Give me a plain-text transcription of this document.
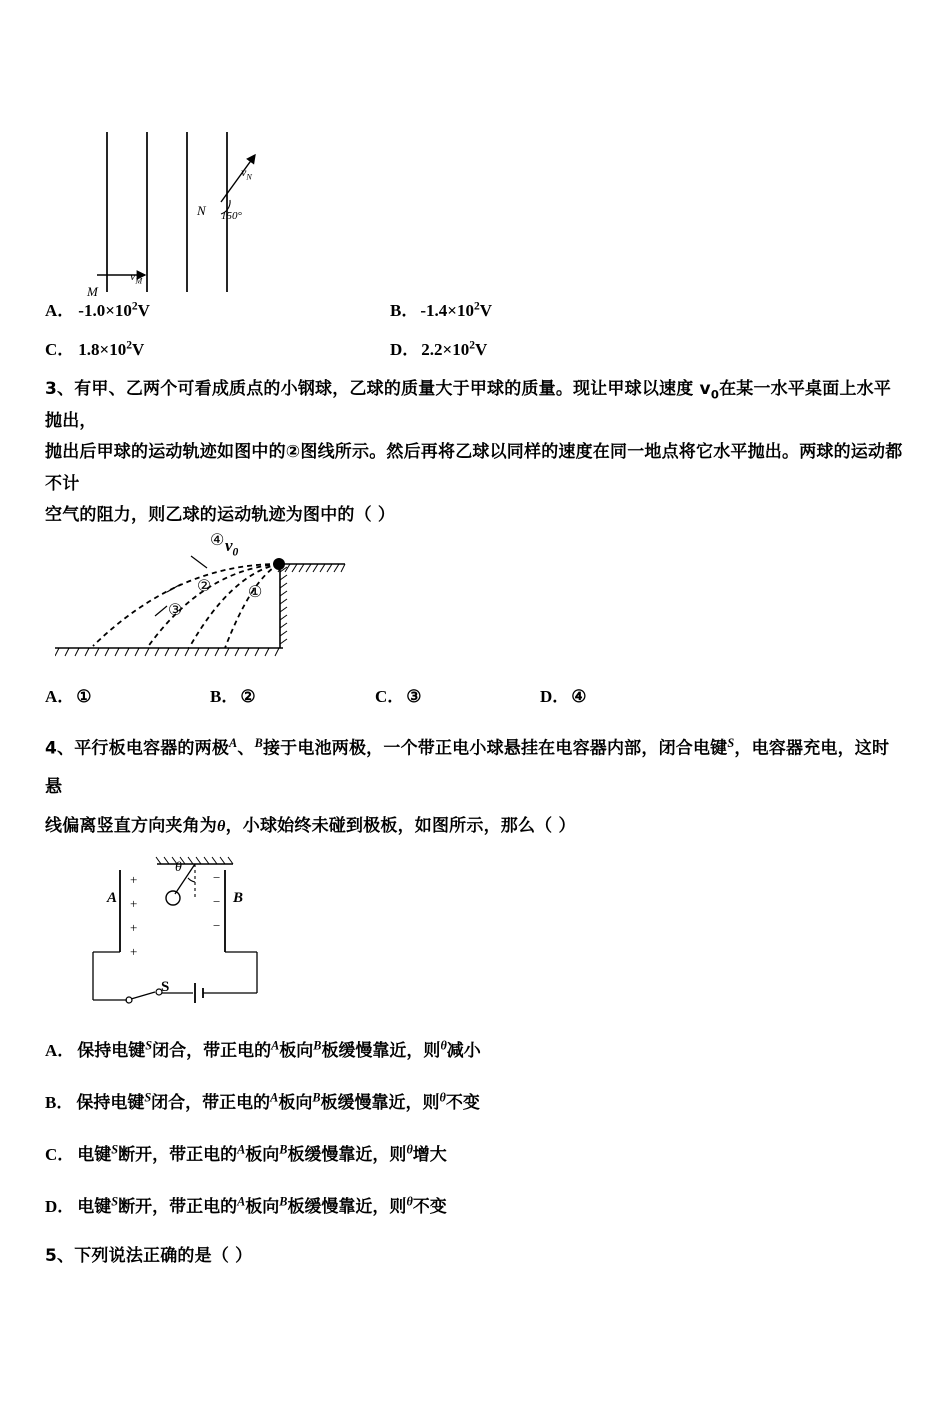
M
$v_M$
N
$v_N$
150°
A． $-1.0\times 10^2V$	B． $-1.4\times 10^2V$
C． $1.8\times 10^2V$	D． $2.2\times 10^2V$
3、有甲、乙两个可看成质点的小钢球，乙球的质量大于甲球的质量。现让甲球以速度 $v_0$在某一水平桌面上水平抛出，
抛出后甲球的运动轨迹如图中的②图线所示。然后再将乙球以同样的速度在同一地点将它水平抛出。两球的运动都不计
空气的阻力，则乙球的运动轨迹为图中的（ ）
$v_0$
①
②
③
④
A． ①	B． ②	C． ③	D． ④
4、平行板电容器的两极$^A$、$^B$接于电池两极，一个带正电小球悬挂在电容器内部，闭合电键$^S$，电容器充电，这时悬
线偏离竖直方向夹角为θ，小球始终未碰到极板，如图所示，那么（ ）
A	B
θ
S
+
+
+
+
−
−
−
A． 保持电键$^S$闭合，带正电的$^A$板向$^B$板缓慢靠近，则$^\theta$减小
B． 保持电键$^S$闭合，带正电的$^A$板向$^B$板缓慢靠近，则$^\theta$不变
C． 电键$^S$断开，带正电的$^A$板向$^B$板缓慢靠近，则$^\theta$增大
D． 电键$^S$断开，带正电的$^A$板向$^B$板缓慢靠近，则$^\theta$不变
5、下列说法正确的是（ ）
